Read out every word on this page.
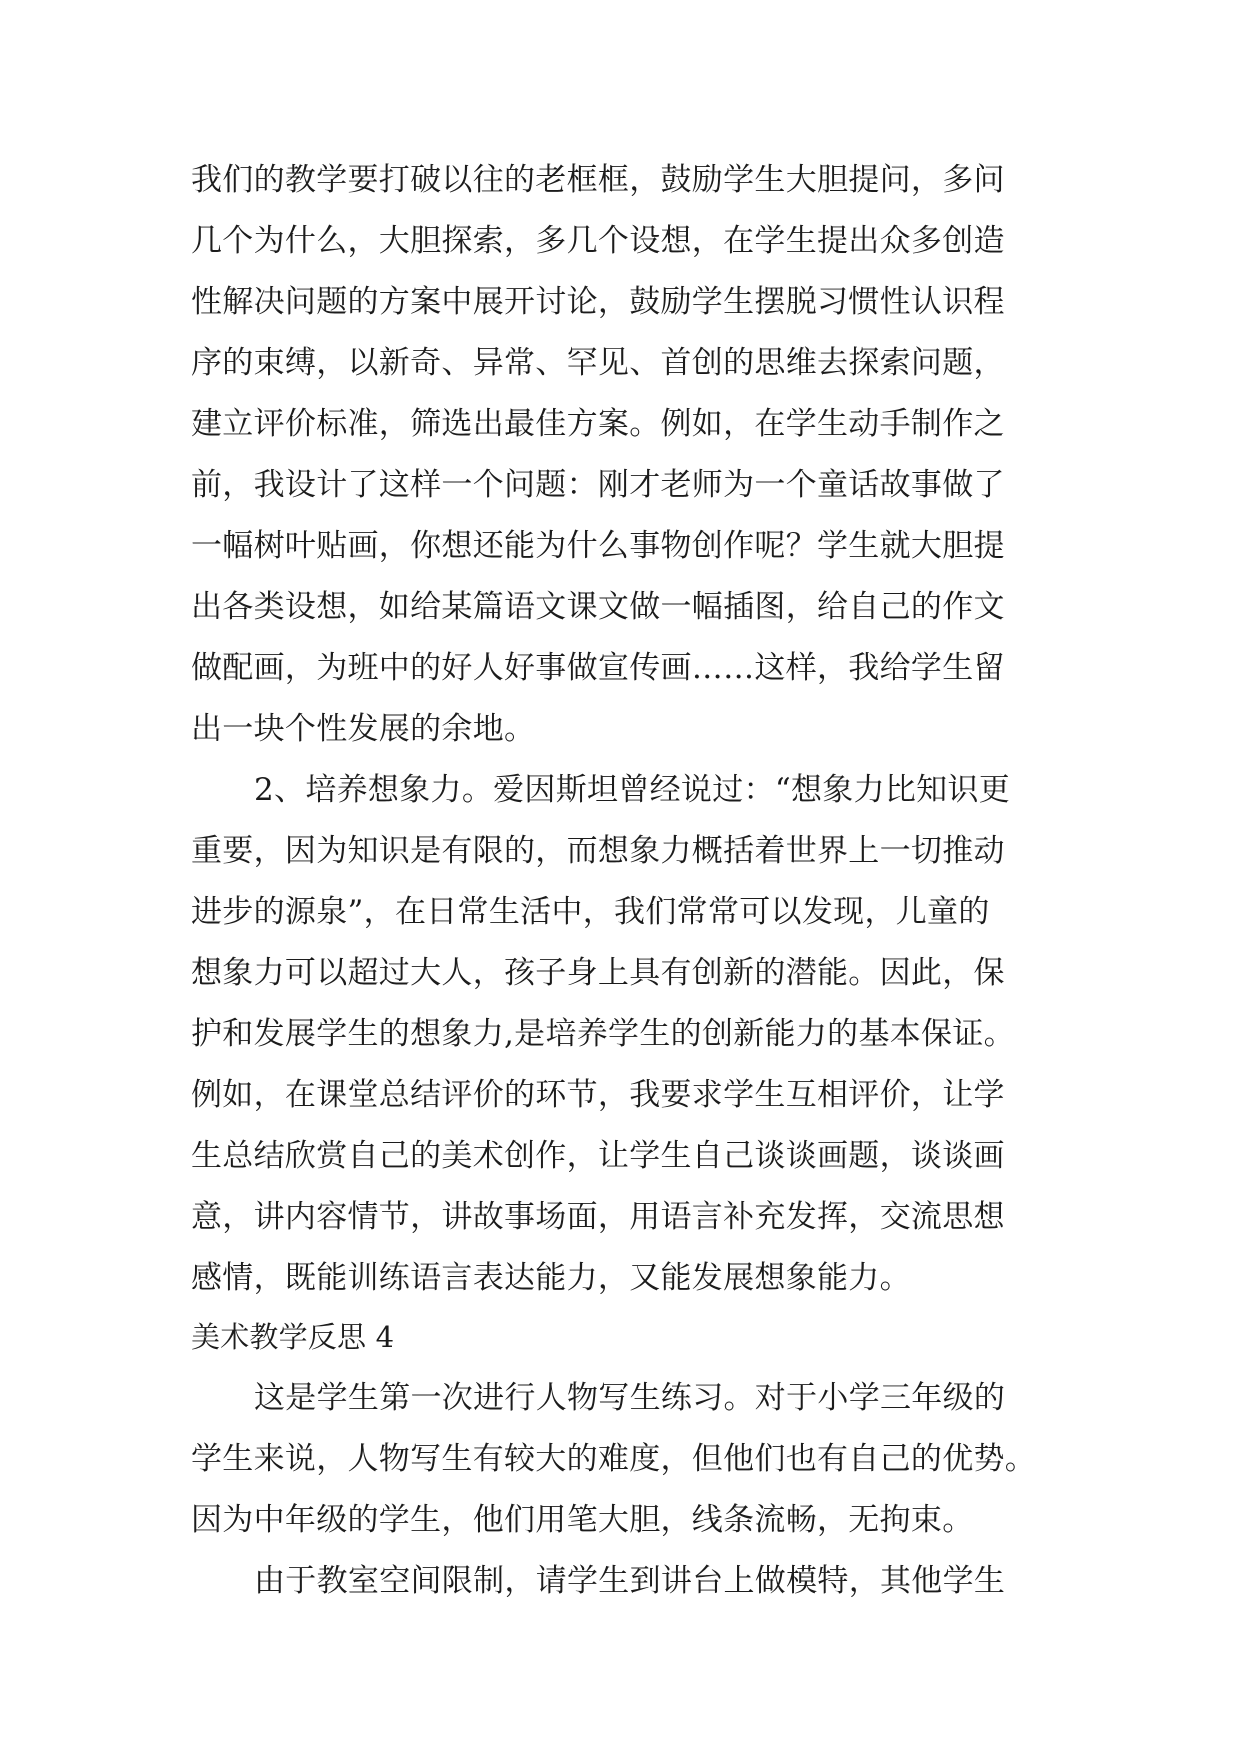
我们的教学要打破以往的老框框，鼓励学生大胆提问，多问
几个为什么，大胆探索，多几个设想，在学生提出众多创造
性解决问题的方案中展开讨论，鼓励学生摆脱习惯性认识程
序的束缚，以新奇、异常、罕见、首创的思维去探索问题，
建立评价标准，筛选出最佳方案。例如，在学生动手制作之
前，我设计了这样一个问题：刚才老师为一个童话故事做了
一幅树叶贴画，你想还能为什么事物创作呢？学生就大胆提
出各类设想，如给某篇语文课文做一幅插图，给自己的作文
做配画，为班中的好人好事做宣传画……这样，我给学生留
出一块个性发展的余地。
2、培养想象力。爱因斯坦曾经说过：“想象力比知识更
重要，因为知识是有限的，而想象力概括着世界上一切推动
进步的源泉”，在日常生活中，我们常常可以发现，儿童的
想象力可以超过大人，孩子身上具有创新的潜能。因此，保
护和发展学生的想象力,是培养学生的创新能力的基本保证。
例如，在课堂总结评价的环节，我要求学生互相评价，让学
生总结欣赏自己的美术创作，让学生自己谈谈画题，谈谈画
意，讲内容情节，讲故事场面，用语言补充发挥，交流思想
感情，既能训练语言表达能力，又能发展想象能力。
美术教学反思 4
这是学生第一次进行人物写生练习。对于小学三年级的
学生来说，人物写生有较大的难度，但他们也有自己的优势。
因为中年级的学生，他们用笔大胆，线条流畅，无拘束。
由于教室空间限制，请学生到讲台上做模特，其他学生
